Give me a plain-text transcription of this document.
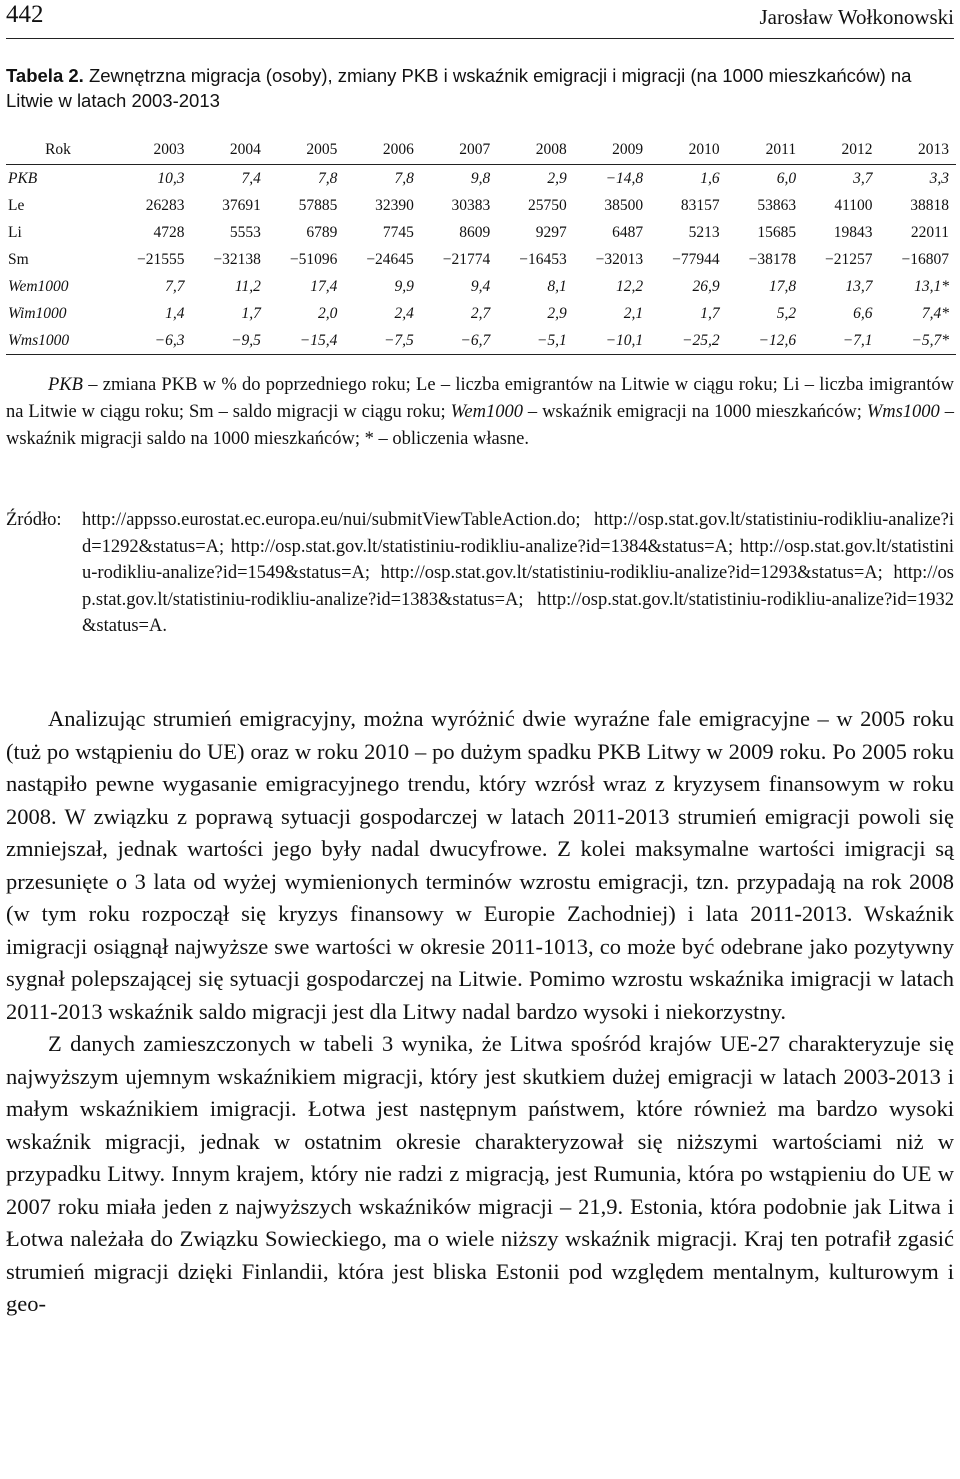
442	Jarosław Wołkonowski
Tabela 2. Zewnętrzna migracja (osoby), zmiany PKB i wskaźnik emigracji i migracji (na 1000 mieszkańców) na Litwie w latach 2003-2013
Rok	2003	2004	2005	2006	2007	2008	2009	2010	2011	2012	2013
PKB	10,3	7,4	7,8	7,8	9,8	2,9	−14,8	1,6	6,0	3,7	3,3
Le	26283	37691	57885	32390	30383	25750	38500	83157	53863	41100	38818
Li	4728	5553	6789	7745	8609	9297	6487	5213	15685	19843	22011
Sm	−21555	−32138	−51096	−24645	−21774	−16453	−32013	−77944	−38178	−21257	−16807
Wem1000	7,7	11,2	17,4	9,9	9,4	8,1	12,2	26,9	17,8	13,7	13,1*
Wim1000	1,4	1,7	2,0	2,4	2,7	2,9	2,1	1,7	5,2	6,6	7,4*
Wms1000	−6,3	−9,5	−15,4	−7,5	−6,7	−5,1	−10,1	−25,2	−12,6	−7,1	−5,7*
PKB – zmiana PKB w % do poprzedniego roku; Le – liczba emigrantów na Litwie w ciągu roku; Li – liczba imigrantów na Litwie w ciągu roku; Sm – saldo migracji w ciągu roku; Wem1000 – wskaźnik emigracji na 1000 mieszkańców; Wms1000 – wskaźnik migracji saldo na 1000 mieszkańców; * – obliczenia własne.
Źródło: http://appsso.eurostat.ec.europa.eu/nui/submitViewTableAction.do; http://osp.stat.gov.lt/statistiniu-rodikliu-analize?id=1292&status=A; http://osp.stat.gov.lt/statistiniu-rodikliu-analize?id=1384&status=A; http://osp.stat.gov.lt/statistiniu-rodikliu-analize?id=1549&status=A; http://osp.stat.gov.lt/statistiniu-rodikliu-analize?id=1293&status=A; http://osp.stat.gov.lt/statistiniu-rodikliu-analize?id=1383&status=A; http://osp.stat.gov.lt/statistiniu-rodikliu-analize?id=1932&status=A.

Analizując strumień emigracyjny, można wyróżnić dwie wyraźne fale emigracyjne – w 2005 roku (tuż po wstąpieniu do UE) oraz w roku 2010 – po dużym spadku PKB Litwy w 2009 roku. Po 2005 roku nastąpiło pewne wygasanie emigracyjnego trendu, który wzrósł wraz z kryzysem finansowym w roku 2008. W związku z poprawą sytuacji gospodarczej w latach 2011-2013 strumień emigracji powoli się zmniejszał, jednak wartości jego były nadal dwucyfrowe. Z kolei maksymalne wartości imigracji są przesunięte o 3 lata od wyżej wymienionych terminów wzrostu emigracji, tzn. przypadają na rok 2008 (w tym roku rozpoczął się kryzys finansowy w Europie Zachodniej) i lata 2011-2013. Wskaźnik imigracji osiągnął najwyższe swe wartości w okresie 2011-1013, co może być odebrane jako pozytywny sygnał polepszającej się sytuacji gospodarczej na Litwie. Pomimo wzrostu wskaźnika imigracji w latach 2011-2013 wskaźnik saldo migracji jest dla Litwy nadal bardzo wysoki i niekorzystny.

Z danych zamieszczonych w tabeli 3 wynika, że Litwa spośród krajów UE-27 charakteryzuje się najwyższym ujemnym wskaźnikiem migracji, który jest skutkiem dużej emigracji w latach 2003-2013 i małym wskaźnikiem imigracji. Łotwa jest następnym państwem, które również ma bardzo wysoki wskaźnik migracji, jednak w ostatnim okresie charakteryzował się niższymi wartościami niż w przypadku Litwy. Innym krajem, który nie radzi z migracją, jest Rumunia, która po wstąpieniu do UE w 2007 roku miała jeden z najwyższych wskaźników migracji – 21,9. Estonia, która podobnie jak Litwa i Łotwa należała do Związku Sowieckiego, ma o wiele niższy wskaźnik migracji. Kraj ten potrafił zgasić strumień migracji dzięki Finlandii, która jest bliska Estonii pod względem mentalnym, kulturowym i geo-
